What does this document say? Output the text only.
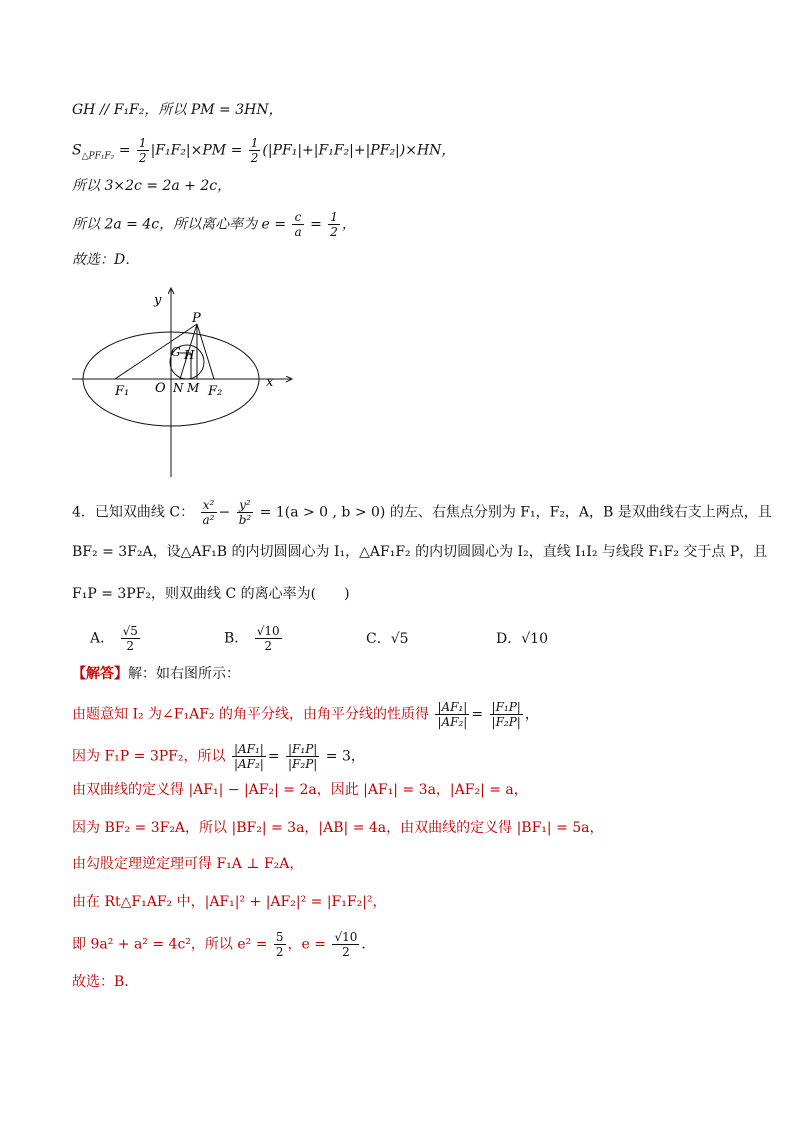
GH // F₁F₂，所以 PM = 3HN，
$S_{\triangle PF_1F_2} = \frac{1}{2} |F_1F_2|\times PM = \frac{1}{2} (|PF_1|+|F_1F_2|+|PF_2|)\times HN$，
所以 3×2c = 2a + 2c，
所以 2a = 4c，所以离心率为 $e = \frac{c}{a} = \frac{1}{2}$ ，
故选：D．
y
x
P
G H
O N M
F₁	F₂
4．已知双曲线 C： $\frac{\text{x²}}{\text{a²}} - \frac{\text{y²}}{\text{b²}} = 1(a > 0$ , b > 0) 的左、右焦点分别为 F₁，F₂，A，B 是双曲线右支上两点，且
BF₂ = 3F₂A，设△AF₁B 的内切圆圆心为 I₁，△AF₁F₂ 的内切圆圆心为 I₂，直线 I₁I₂ 与线段 F₁F₂ 交于点 P，且
F₁P = 3PF₂，则双曲线 C 的离心率为(　　)
A． $\frac{√5}{2}$	B． $\frac{√10}{2}$	C．√5	D．√10
【解答】解：如右图所示：
由题意知 I₂ 为∠F₁AF₂ 的角平分线，由角平分线的性质得 $\frac{\text{|AF₁|}}{\text{|AF₂|}} = \frac{\text{|F₁P|}}{\text{|F₂P|}}$ ，
因为 F₁P = 3PF₂，所以 $\frac{\text{|AF₁|}}{\text{|AF₂|}} = \frac{\text{|F₁P|}}{\text{|F₂P|}} = 3$，
由双曲线的定义得 |AF₁| − |AF₂| = 2a，因此 |AF₁| = 3a，|AF₂| = a，
因为 BF₂ = 3F₂A，所以 |BF₂| = 3a，|AB| = 4a，由双曲线的定义得 |BF₁| = 5a，
由勾股定理逆定理可得 F₁A ⊥ F₂A，
由在 Rt△F₁AF₂ 中，|AF₁|² + |AF₂|² = |F₁F₂|²，
即 9a² + a² = 4c²，所以 $e^2 = \frac{5}{2}$ ，$e = \frac{√10}{2}$ ．
故选：B．
